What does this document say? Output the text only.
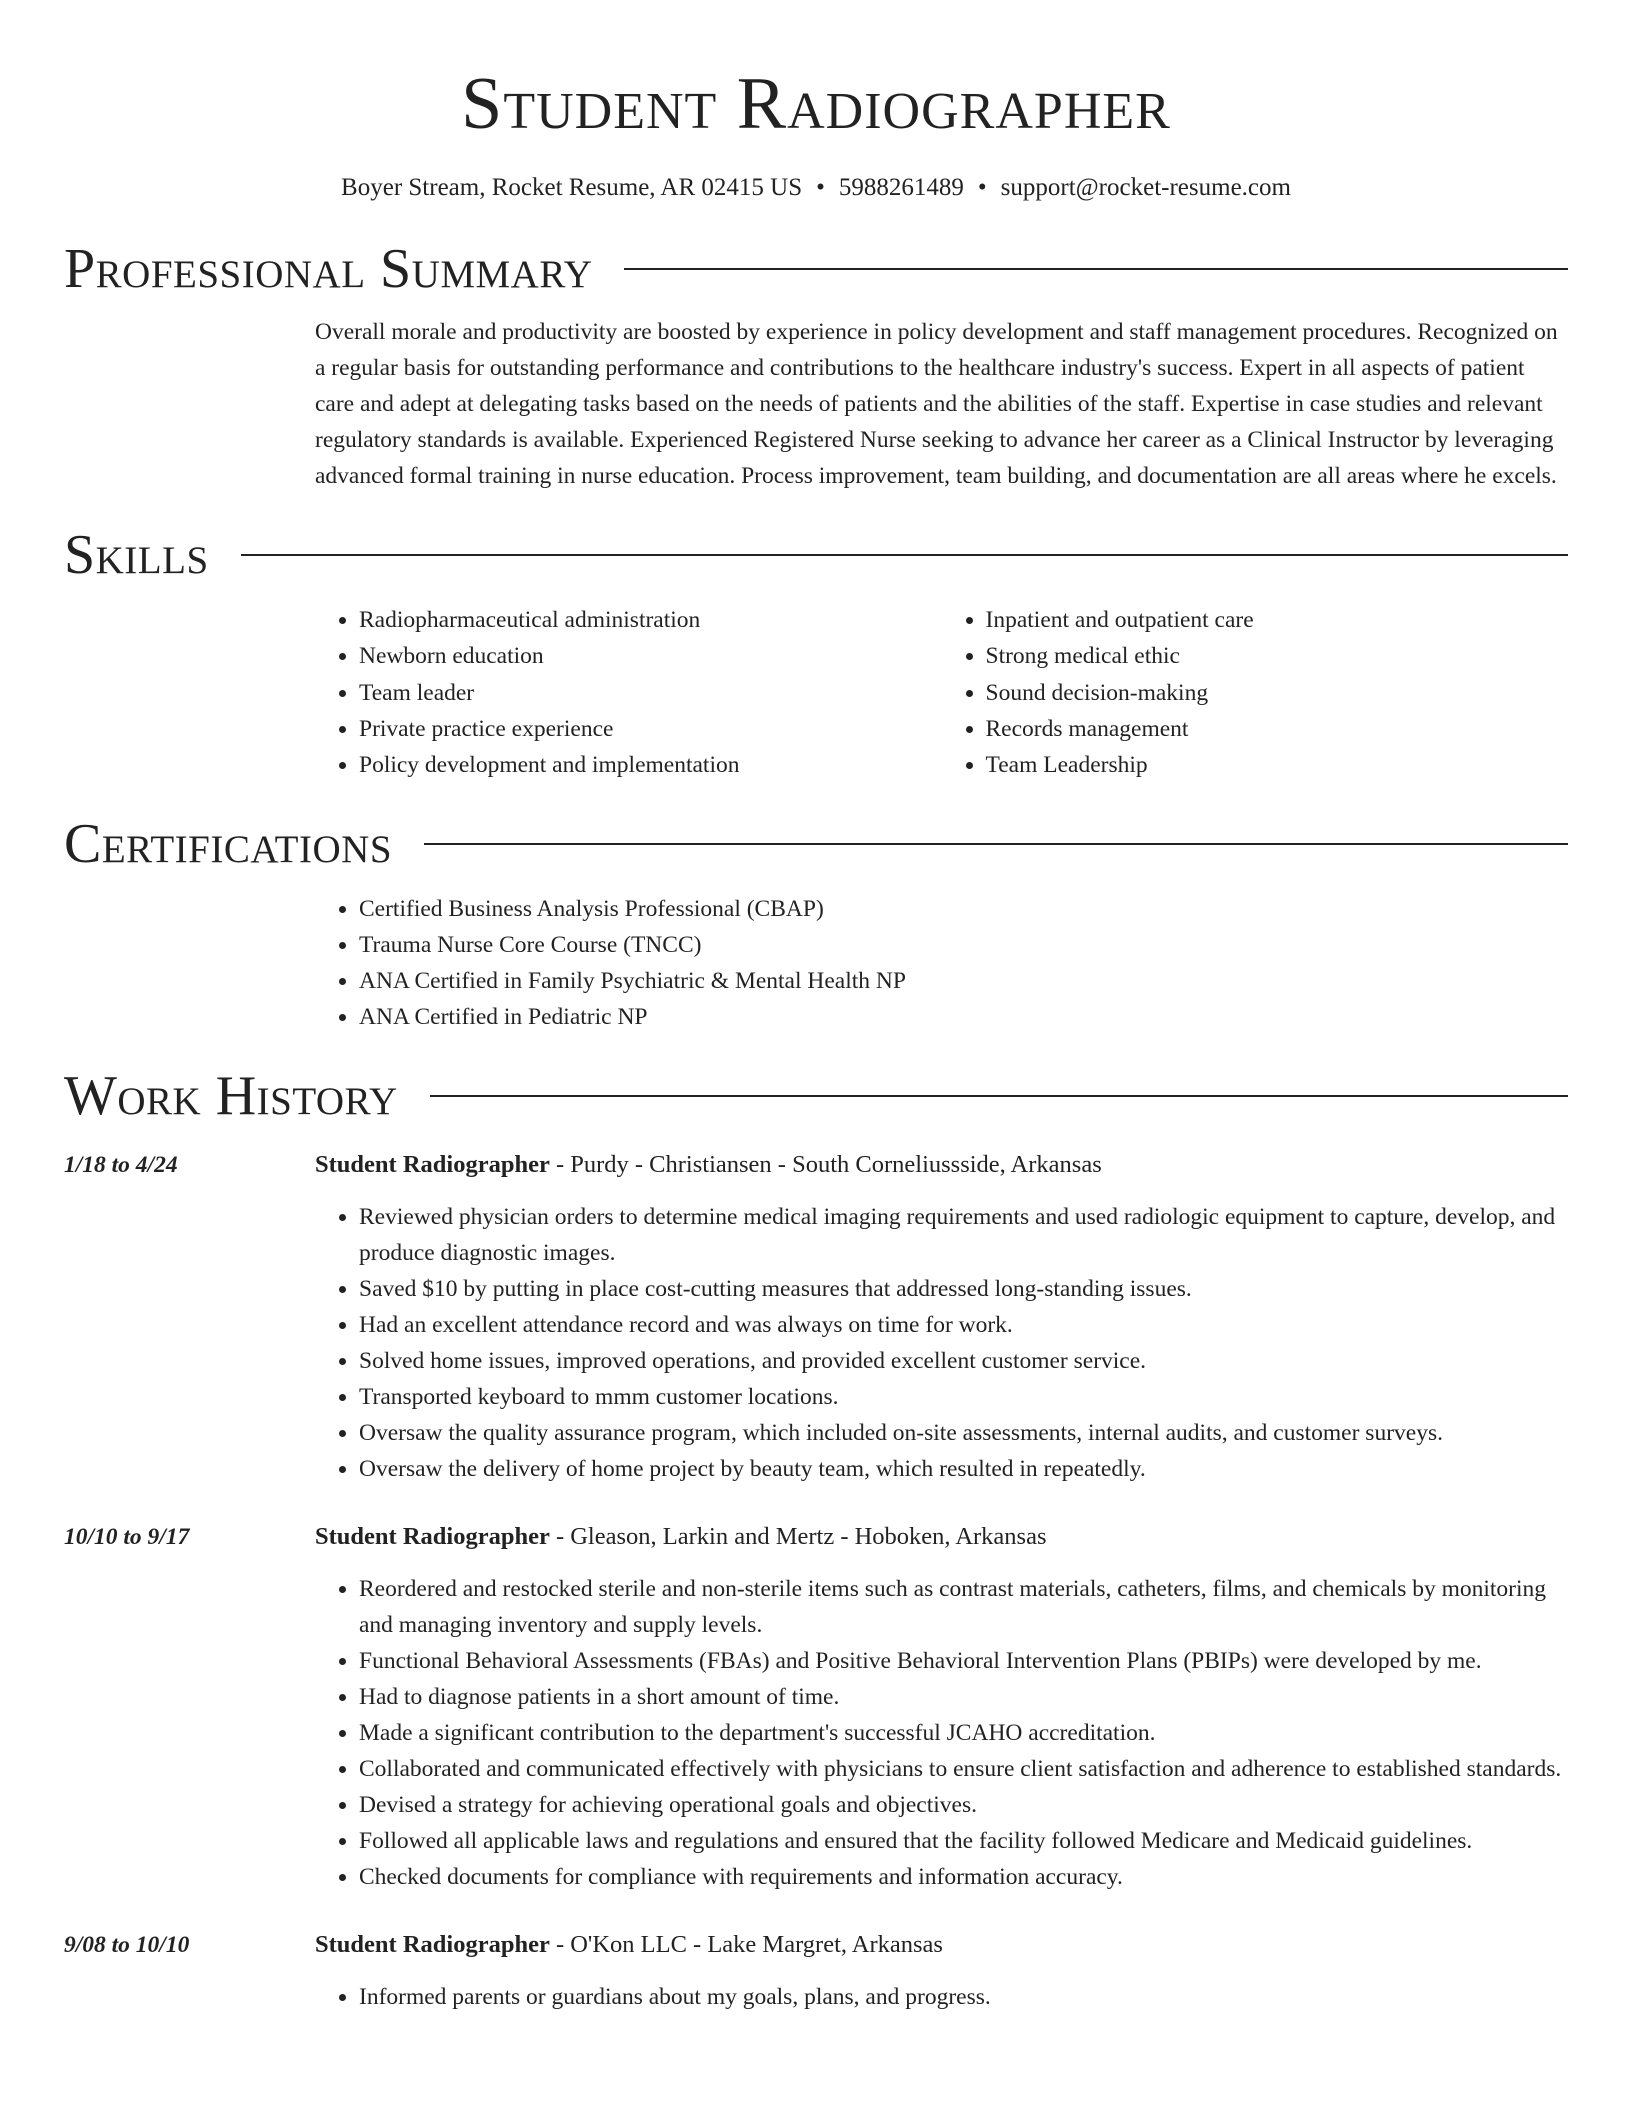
Student Radiographer
Boyer Stream, Rocket Resume, AR 02415 US • 5988261489 • support@rocket-resume.com
Professional Summary
Overall morale and productivity are boosted by experience in policy development and staff management procedures. Recognized on a regular basis for outstanding performance and contributions to the healthcare industry's success. Expert in all aspects of patient care and adept at delegating tasks based on the needs of patients and the abilities of the staff. Expertise in case studies and relevant regulatory standards is available. Experienced Registered Nurse seeking to advance her career as a Clinical Instructor by leveraging advanced formal training in nurse education. Process improvement, team building, and documentation are all areas where he excels.
Skills
• Radiopharmaceutical administration
• Newborn education
• Team leader
• Private practice experience
• Policy development and implementation
• Inpatient and outpatient care
• Strong medical ethic
• Sound decision-making
• Records management
• Team Leadership
Certifications
• Certified Business Analysis Professional (CBAP)
• Trauma Nurse Core Course (TNCC)
• ANA Certified in Family Psychiatric & Mental Health NP
• ANA Certified in Pediatric NP
Work History
1/18 to 4/24	Student Radiographer - Purdy - Christiansen - South Corneliussside, Arkansas
• Reviewed physician orders to determine medical imaging requirements and used radiologic equipment to capture, develop, and produce diagnostic images.
• Saved $10 by putting in place cost-cutting measures that addressed long-standing issues.
• Had an excellent attendance record and was always on time for work.
• Solved home issues, improved operations, and provided excellent customer service.
• Transported keyboard to mmm customer locations.
• Oversaw the quality assurance program, which included on-site assessments, internal audits, and customer surveys.
• Oversaw the delivery of home project by beauty team, which resulted in repeatedly.
10/10 to 9/17	Student Radiographer - Gleason, Larkin and Mertz - Hoboken, Arkansas
• Reordered and restocked sterile and non-sterile items such as contrast materials, catheters, films, and chemicals by monitoring and managing inventory and supply levels.
• Functional Behavioral Assessments (FBAs) and Positive Behavioral Intervention Plans (PBIPs) were developed by me.
• Had to diagnose patients in a short amount of time.
• Made a significant contribution to the department's successful JCAHO accreditation.
• Collaborated and communicated effectively with physicians to ensure client satisfaction and adherence to established standards.
• Devised a strategy for achieving operational goals and objectives.
• Followed all applicable laws and regulations and ensured that the facility followed Medicare and Medicaid guidelines.
• Checked documents for compliance with requirements and information accuracy.
9/08 to 10/10	Student Radiographer - O'Kon LLC - Lake Margret, Arkansas
• Informed parents or guardians about my goals, plans, and progress.
